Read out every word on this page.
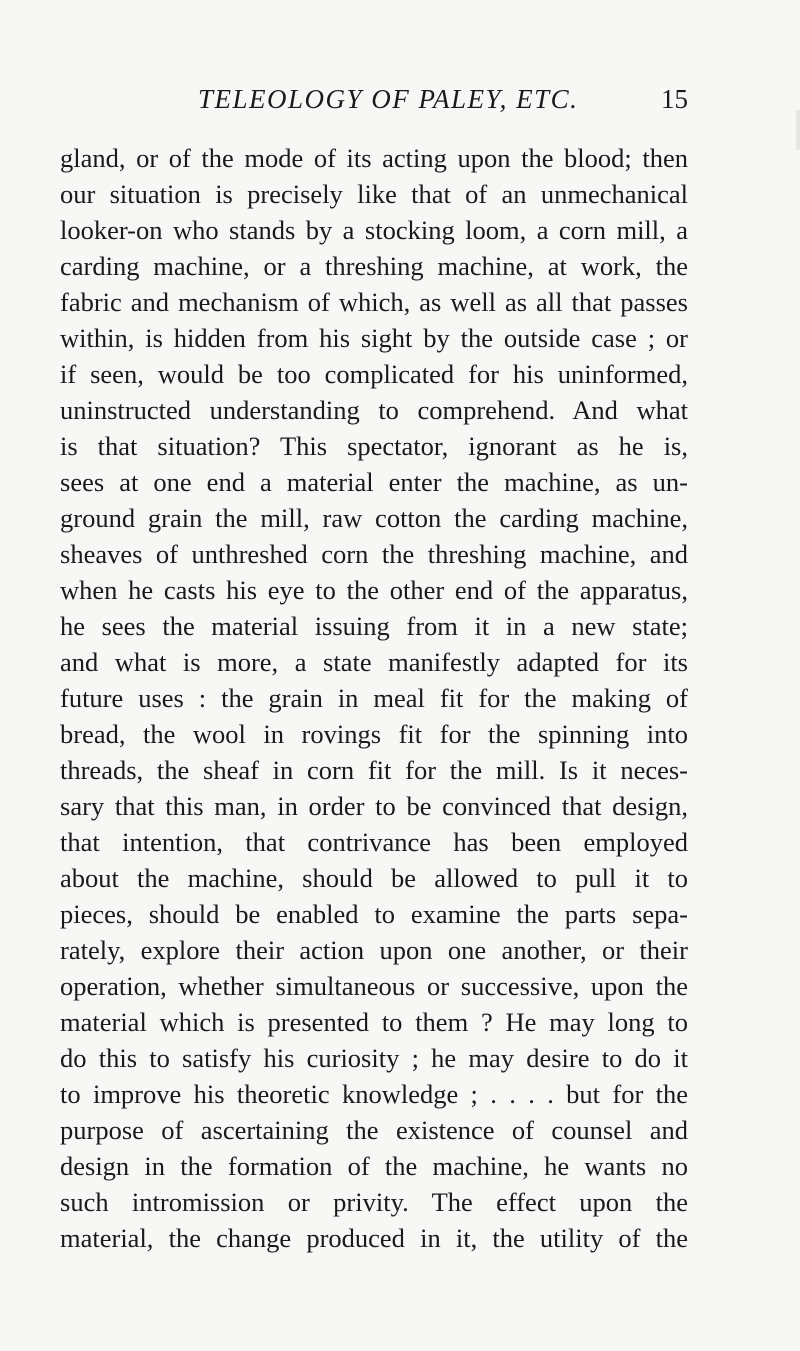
TELEOLOGY OF PALEY, ETC.	15
gland, or of the mode of its acting upon the blood; then
our situation is precisely like that of an unmechanical
looker-on who stands by a stocking loom, a corn mill, a
carding machine, or a threshing machine, at work, the
fabric and mechanism of which, as well as all that passes
within, is hidden from his sight by the outside case ; or
if seen, would be too complicated for his uninformed,
uninstructed understanding to comprehend. And what
is that situation? This spectator, ignorant as he is,
sees at one end a material enter the machine, as un-
ground grain the mill, raw cotton the carding machine,
sheaves of unthreshed corn the threshing machine, and
when he casts his eye to the other end of the apparatus,
he sees the material issuing from it in a new state;
and what is more, a state manifestly adapted for its
future uses : the grain in meal fit for the making of
bread, the wool in rovings fit for the spinning into
threads, the sheaf in corn fit for the mill. Is it neces-
sary that this man, in order to be convinced that design,
that intention, that contrivance has been employed
about the machine, should be allowed to pull it to
pieces, should be enabled to examine the parts sepa-
rately, explore their action upon one another, or their
operation, whether simultaneous or successive, upon the
material which is presented to them ? He may long to
do this to satisfy his curiosity ; he may desire to do it
to improve his theoretic knowledge ; . . . . but for the
purpose of ascertaining the existence of counsel and
design in the formation of the machine, he wants no
such intromission or privity. The effect upon the
material, the change produced in it, the utility of the
